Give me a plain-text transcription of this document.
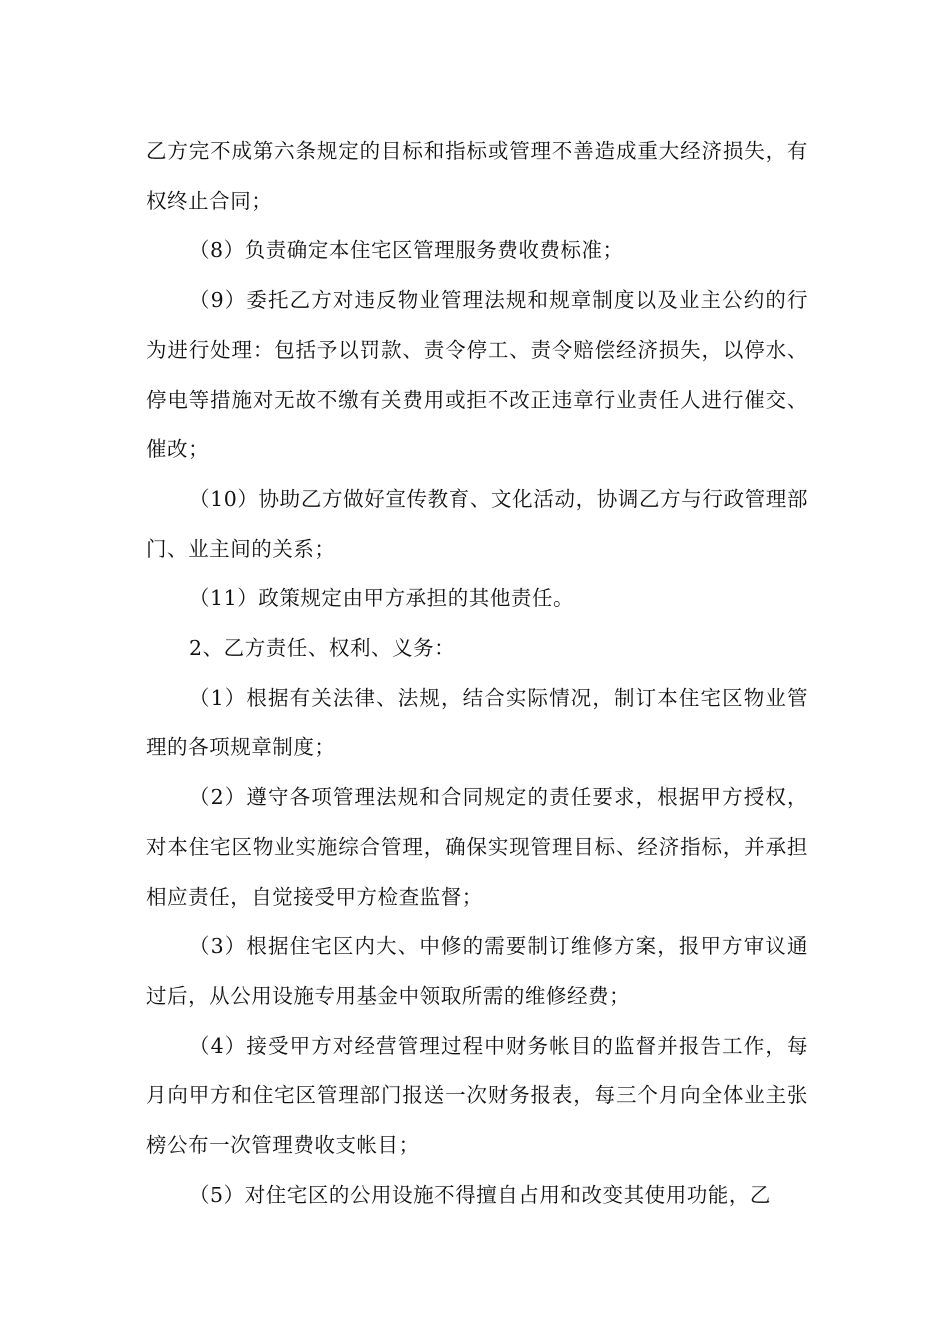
乙方完不成第六条规定的目标和指标或管理不善造成重大经济损失，有权终止合同；

（8）负责确定本住宅区管理服务费收费标准；

（9）委托乙方对违反物业管理法规和规章制度以及业主公约的行为进行处理：包括予以罚款、责令停工、责令赔偿经济损失，以停水、停电等措施对无故不缴有关费用或拒不改正违章行业责任人进行催交、催改；

（10）协助乙方做好宣传教育、文化活动，协调乙方与行政管理部门、业主间的关系；

（11）政策规定由甲方承担的其他责任。

2、乙方责任、权利、义务：

（1）根据有关法律、法规，结合实际情况，制订本住宅区物业管理的各项规章制度；

（2）遵守各项管理法规和合同规定的责任要求，根据甲方授权，对本住宅区物业实施综合管理，确保实现管理目标、经济指标，并承担相应责任，自觉接受甲方检查监督；

（3）根据住宅区内大、中修的需要制订维修方案，报甲方审议通过后，从公用设施专用基金中领取所需的维修经费；

（4）接受甲方对经营管理过程中财务帐目的监督并报告工作，每月向甲方和住宅区管理部门报送一次财务报表，每三个月向全体业主张榜公布一次管理费收支帐目；

（5）对住宅区的公用设施不得擅自占用和改变其使用功能，乙
